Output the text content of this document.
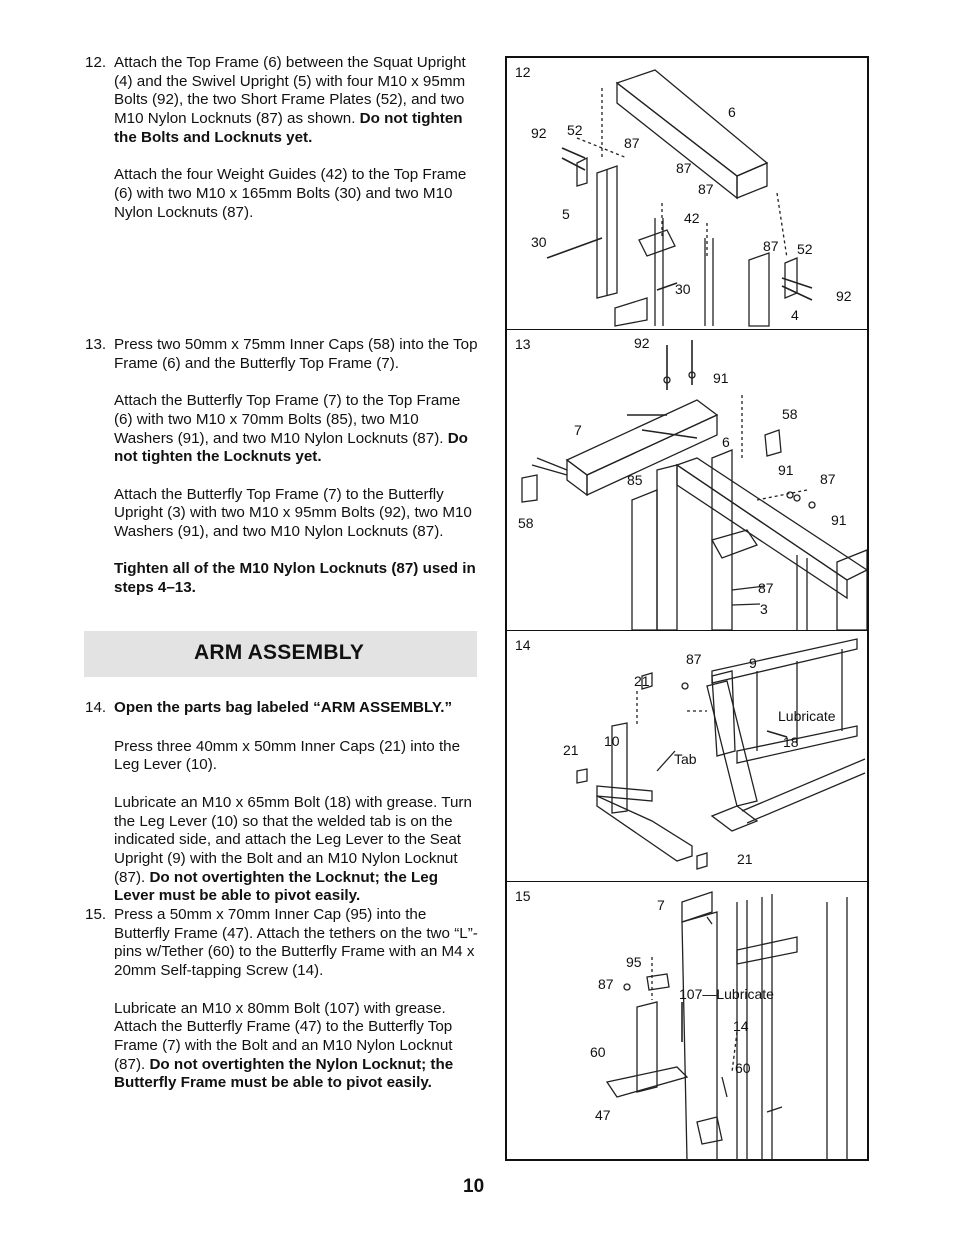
12. Attach the Top Frame (6) between the Squat Upright (4) and the Swivel Upright (5) with four M10 x 95mm Bolts (92), the two Short Frame Plates (52), and two M10 Nylon Locknuts (87) as shown. Do not tighten the Bolts and Locknuts yet.

Attach the four Weight Guides (42) to the Top Frame (6) with two M10 x 165mm Bolts (30) and two M10 Nylon Locknuts (87).

13. Press two 50mm x 75mm Inner Caps (58) into the Top Frame (6) and the Butterfly Top Frame (7).

Attach the Butterfly Top Frame (7) to the Top Frame (6) with two M10 x 70mm Bolts (85), two M10 Washers (91), and two M10 Nylon Locknuts (87). Do not tighten the Locknuts yet.

Attach the Butterfly Top Frame (7) to the Butterfly Upright (3) with two M10 x 95mm Bolts (92), two M10 Washers (91), and two M10 Nylon Locknuts (87).

Tighten all of the M10 Nylon Locknuts (87) used in steps 4–13.

ARM ASSEMBLY
14. Open the parts bag labeled “ARM ASSEMBLY.”

Press three 40mm x 50mm Inner Caps (21) into the Leg Lever (10).

Lubricate an M10 x 65mm Bolt (18) with grease. Turn the Leg Lever (10) so that the welded tab is on the indicated side, and attach the Leg Lever to the Seat Upright (9) with the Bolt and an M10 Nylon Locknut (87). Do not overtighten the Locknut; the Leg Lever must be able to pivot easily.

15. Press a 50mm x 70mm Inner Cap (95) into the Butterfly Frame (47). Attach the tethers on the two “L”-pins w/Tether (60) to the Butterfly Frame with an M4 x 20mm Self-tapping Screw (14).

Lubricate an M10 x 80mm Bolt (107) with grease. Attach the Butterfly Frame (47) to the Butterfly Top Frame (7) with the Bolt and an M10 Nylon Locknut (87). Do not overtighten the Nylon Locknut; the Butterfly Frame must be able to pivot easily.

12
92 52
87
6
87
87
5	42
30	87 52
30	92
4
13	92
91
7
58
6
91
87
85
91
58
87
3
14
87	9
21
Lubricate
18
10
21
Tab
21
15
7
95
87
107—Lubricate
14
60
60
47
10
